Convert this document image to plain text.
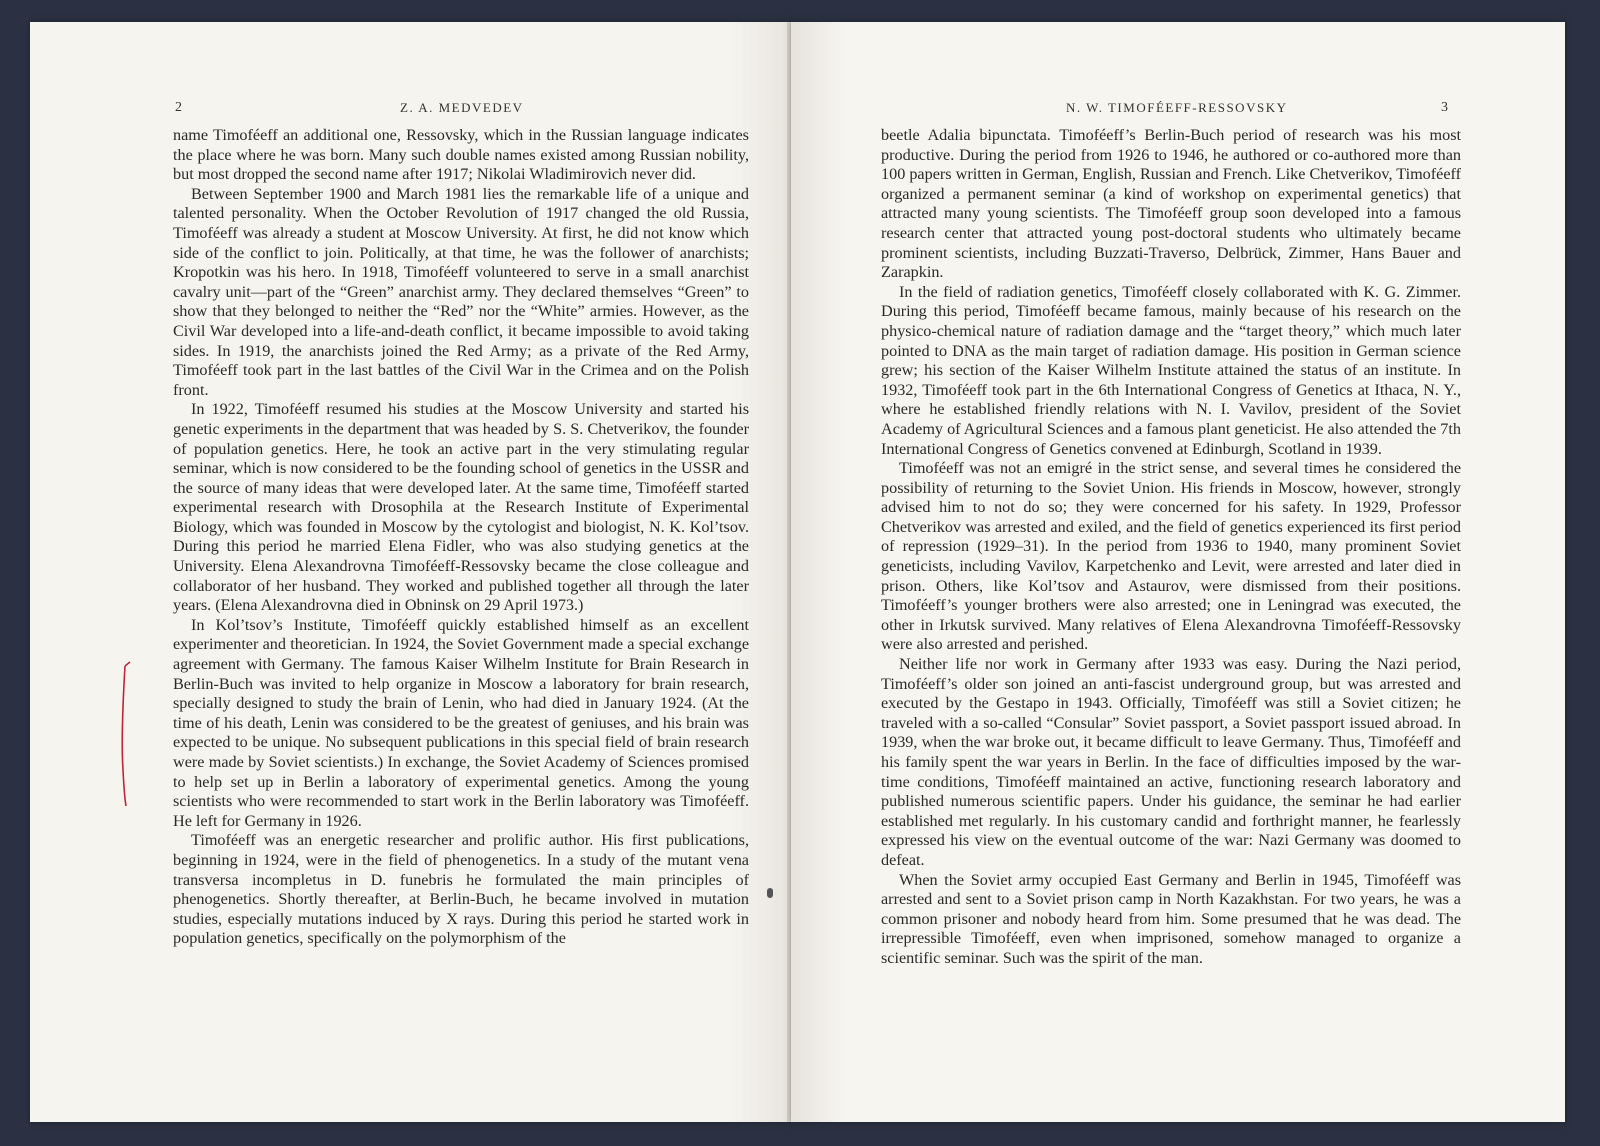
2	Z. A. MEDVEDEV

name Timoféeff an additional one, Ressovsky, which in the Russian language indicates the place where he was born. Many such double names existed among Russian nobility, but most dropped the second name after 1917; Nikolai Wladimirovich never did.

Between September 1900 and March 1981 lies the remarkable life of a unique and talented personality. When the October Revolution of 1917 changed the old Russia, Timoféeff was already a student at Moscow University. At first, he did not know which side of the conflict to join. Politically, at that time, he was the follower of anarchists; Kropotkin was his hero. In 1918, Timoféeff volunteered to serve in a small anarchist cavalry unit—part of the “Green” anarchist army. They declared themselves “Green” to show that they belonged to neither the “Red” nor the “White” armies. However, as the Civil War developed into a life-and-death conflict, it became impossible to avoid taking sides. In 1919, the anarchists joined the Red Army; as a private of the Red Army, Timoféeff took part in the last battles of the Civil War in the Crimea and on the Polish front.

In 1922, Timoféeff resumed his studies at the Moscow University and started his genetic experiments in the department that was headed by S. S. Chetverikov, the founder of population genetics. Here, he took an active part in the very stimulating regular seminar, which is now considered to be the founding school of genetics in the USSR and the source of many ideas that were developed later. At the same time, Timoféeff started experimental research with Drosophila at the Research Institute of Experimental Biology, which was founded in Moscow by the cytologist and biologist, N. K. Kol’tsov. During this period he married Elena Fidler, who was also studying genetics at the University. Elena Alexandrovna Timoféeff-Ressovsky became the close colleague and collaborator of her husband. They worked and published together all through the later years. (Elena Alexandrovna died in Obninsk on 29 April 1973.)

In Kol’tsov’s Institute, Timoféeff quickly established himself as an excellent experimenter and theoretician. In 1924, the Soviet Government made a special exchange agreement with Germany. The famous Kaiser Wilhelm Institute for Brain Research in Berlin-Buch was invited to help organize in Moscow a laboratory for brain research, specially designed to study the brain of Lenin, who had died in January 1924. (At the time of his death, Lenin was considered to be the greatest of geniuses, and his brain was expected to be unique. No subsequent publications in this special field of brain research were made by Soviet scientists.) In exchange, the Soviet Academy of Sciences promised to help set up in Berlin a laboratory of experimental genetics. Among the young scientists who were recommended to start work in the Berlin laboratory was Timoféeff. He left for Germany in 1926.

Timoféeff was an energetic researcher and prolific author. His first publications, beginning in 1924, were in the field of phenogenetics. In a study of the mutant vena transversa incompletus in D. funebris he formulated the main principles of phenogenetics. Shortly thereafter, at Berlin-Buch, he became involved in mutation studies, especially mutations induced by X rays. During this period he started work in population genetics, specifically on the polymorphism of the

N. W. TIMOFÉEFF-RESSOVSKY	3

beetle Adalia bipunctata. Timoféeff’s Berlin-Buch period of research was his most productive. During the period from 1926 to 1946, he authored or co-authored more than 100 papers written in German, English, Russian and French. Like Chetverikov, Timoféeff organized a permanent seminar (a kind of workshop on experimental genetics) that attracted many young scientists. The Timoféeff group soon developed into a famous research center that attracted young post-doctoral students who ultimately became prominent scientists, including Buzzati-Traverso, Delbrück, Zimmer, Hans Bauer and Zarapkin.

In the field of radiation genetics, Timoféeff closely collaborated with K. G. Zimmer. During this period, Timoféeff became famous, mainly because of his research on the physico-chemical nature of radiation damage and the “target theory,” which much later pointed to DNA as the main target of radiation damage. His position in German science grew; his section of the Kaiser Wilhelm Institute attained the status of an institute. In 1932, Timoféeff took part in the 6th International Congress of Genetics at Ithaca, N. Y., where he established friendly relations with N. I. Vavilov, president of the Soviet Academy of Agricultural Sciences and a famous plant geneticist. He also attended the 7th International Congress of Genetics convened at Edinburgh, Scotland in 1939.

Timoféeff was not an emigré in the strict sense, and several times he considered the possibility of returning to the Soviet Union. His friends in Moscow, however, strongly advised him to not do so; they were concerned for his safety. In 1929, Professor Chetverikov was arrested and exiled, and the field of genetics experienced its first period of repression (1929–31). In the period from 1936 to 1940, many prominent Soviet geneticists, including Vavilov, Karpetchenko and Levit, were arrested and later died in prison. Others, like Kol’tsov and Astaurov, were dismissed from their positions. Timoféeff’s younger brothers were also arrested; one in Leningrad was executed, the other in Irkutsk survived. Many relatives of Elena Alexandrovna Timoféeff-Ressovsky were also arrested and perished.

Neither life nor work in Germany after 1933 was easy. During the Nazi period, Timoféeff’s older son joined an anti-fascist underground group, but was arrested and executed by the Gestapo in 1943. Officially, Timoféeff was still a Soviet citizen; he traveled with a so-called “Consular” Soviet passport, a Soviet passport issued abroad. In 1939, when the war broke out, it became difficult to leave Germany. Thus, Timoféeff and his family spent the war years in Berlin. In the face of difficulties imposed by the war-time conditions, Timoféeff maintained an active, functioning research laboratory and published numerous scientific papers. Under his guidance, the seminar he had earlier established met regularly. In his customary candid and forthright manner, he fearlessly expressed his view on the eventual outcome of the war: Nazi Germany was doomed to defeat.

When the Soviet army occupied East Germany and Berlin in 1945, Timoféeff was arrested and sent to a Soviet prison camp in North Kazakhstan. For two years, he was a common prisoner and nobody heard from him. Some presumed that he was dead. The irrepressible Timoféeff, even when imprisoned, somehow managed to organize a scientific seminar. Such was the spirit of the man.
